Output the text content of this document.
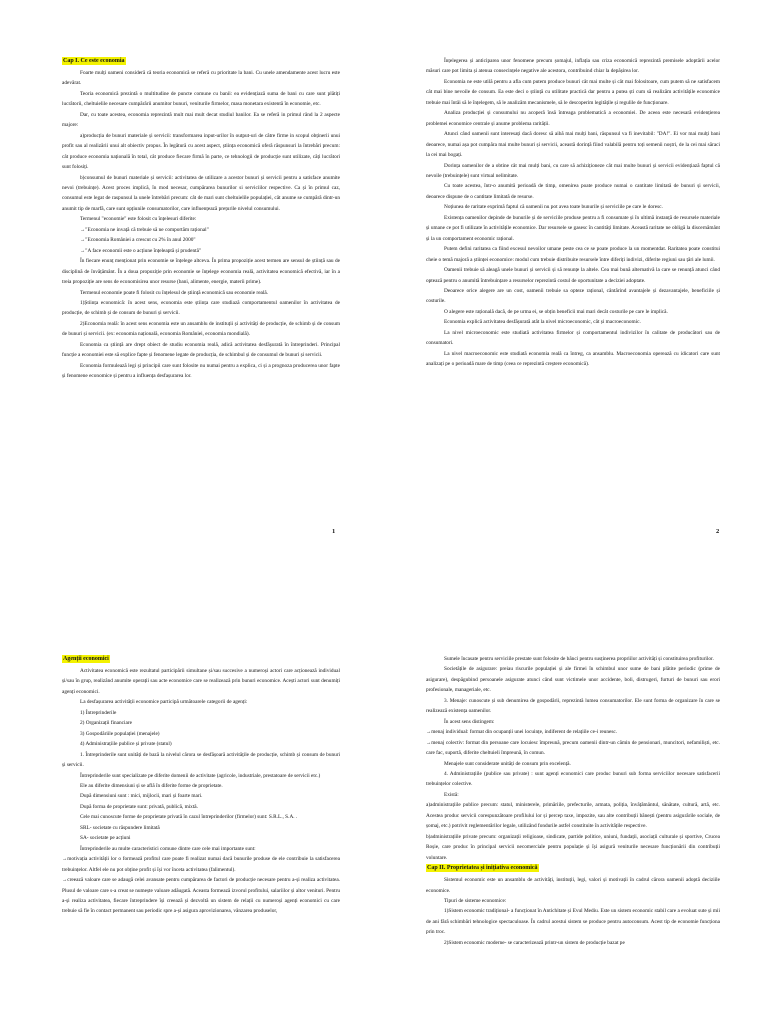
Cap I. Ce este economia

Foarte mulți oameni consideră că teoria economică se referă cu prioritate la bani. Cu unele amendamente acest lucru este adevărat.

Teoria economică prezintă o multitudine de puncte comune cu banii: ea evidențiază suma de bani cu care sunt plătiți lucrătorii, cheltuielile necesare cumpărării anumitor bunuri, veniturile firmelor, masa monetara existentă în economie, etc.

Dar, cu toate acestea, economia reprezintă mult mai mult decat studiul banilor. Ea se referă in primul rând la 2 aspecte majore:

a)producția de bunuri materiale și servicii: transformarea input-urilor în output-uri de către firme in scopul obținerii unui profit sau al realizării unui alt obiectiv propus. În legătură cu acest aspect, știința economică oferă răspunsuri la întrebări precum: cât produce economia națională în total, cât produce fiecare firmă în parte, ce tehnologii de producție sunt utilizate, căți lucrători sunt folosiți.

b)consumul de bunuri materiale și servicii: activitatea de utilizare a acestor bunuri și servicii pentru a satisface anumite nevoi (trebuințe). Acest proces implică, în mod necesar, cumpărarea bunurilor si serviciilor respective. Ca și în primul caz, consumul este legat de raspunsul la unele întrebări precum: cât de mari sunt cheltuielile populației, cât anume se cumpără dintr-un anumit tip de marfă, care sunt opțiunile consumatorilor, care influențează prețurile nivelul consumului.

Termenul "economie" este folosit cu înțelesuri diferite:

→"Economia ne invață că trebuie să ne comportăm rațional"

→"Economia României a crescut cu 2% în anul 2000"

→"A face economii este o acțiune înțeleaptă și prudentă"

În fiecare enunț menționat prin economie se înțelege altceva. În prima propoziție acest termen are sensul de știință sau de disciplină de învățământ. În a doua propoziție prin economie se înțelege economia reală, activitatea economică efectivă, iar în a treia propoziție are sens de economisirea unor resurse (bani, alimente, energie, materii prime).

Termenul economie poate fi folosit cu înțelesul de știință economică sau economie reală.

1)Știința economică: în acest sens, economia este știința care studiază comportamentul oamenilor în activitatea de producție, de schimb și de consum de bunuri și servicii.

2)Economia reală: în acest sens economia este un ansamblu de instituții și activități de producție, de schimb și de consum de bunuri și servicii. (ex: economia națională, economia României, economia mondială).

Economia ca știință are drept obiect de studiu economia reală, adică activitatea desfășurată în întreprinderi. Principal funcție a economiei este să explice fapte și fenomene legate de producția, de schimbul și de consumul de bunuri și servicii.

Economia formulează legi și principii care sunt folosite nu numai pentru a explica, ci și a prognoza producerea unor fapte și fenomene economice și pentru a influența desfașurarea lor.

1

Înțelegerea și anticiparea unor fenomene precum șomajul, inflația sau criza economică reprezintă premisele adoptării acelor măsuri care pot limita și atenua consecințele negative ale acestora, contribuind chiar la depășirea lor.

Economia ne este utilă pentru a afla cum putem produce bunuri cât mai multe și cât mai folositoare, cum putem să ne satisfacem cât mai bine nevoile de consum. Ea este deci o știință cu utilitate practică dar pentru a putea ști cum să realizăm activitățile economice trebuie mai întâi să le înțelegem, să le analizăm mecanismele, să le descoperim legitățile și regulile de funcționare.

Analiza producției și consumului nu acoperă însă întreaga problematică a economiei. De aceea este necesară evidențierea problemei economice centrale și anume problema rarității.

Atunci când oamenii sunt interesați dacă doresc să aibă mai mulți bani, răspunsul va fi inevitabil: "DA!". Ei vor mai mulți bani deoarece, numai așa pot cumpăra mai multe bunuri și servicii, această dorință fiind valabilă pentru toți semenii noștri, de la cei mai săraci la cei mai bogați.

Dorința oamenilor de a obtine cât mai mulți bani, cu care să achiziționeze cât mai multe bunuri și servicii evidențiază faptul că nevoile (trebuințele) sunt virtual nelimitate.

Cu toate acestea, într-o anumită perioadă de timp, omenirea poate produce numai o cantitate limitată de bunuri și servicii, deoarece dispune de o cantitate limitată de resurse.

Noțiunea de raritate exprimă faptul că oamenii nu pot avea toate bunurile și serviciile pe care le doresc.

Existența oamenilor depinde de bunurile și de serviciile produse pentru a fi consumate și în ultimă instanță de resursele materiale și umane ce pot fi utilizate în activitățile economice. Dar resursele se gasesc în cantități limitate. Această raritate ne obligă la discernământ și la un comportament economic rațional.

Putem defini raritatea ca fiind excesul nevoilor umane peste cea ce se poate produce la un momentdat. Raritatea poate constitui cheie o temă majoră a științei economice: modul cum trebuie distribuite resursele între diferiți indivizi, diferite regiuni sau țări ale lumii.

Oamenii trebuie să aleagă unele bunuri și servicii și să renunțe la altele. Cea mai bună alternativă la care se renunță atunci când optează pentru o anumită întrebuințare a resurselor reprezintă costul de oportunitate a deciziei adoptate.

Deoarece orice alegere are un cost, oamenii trebuie sa opteze rațional, cântărind avantajele și dezavantajele, beneficiile și costurile.

O alegere este rațională dacă, de pe urma ei, se obțin beneficii mai mari decât costurile pe care le implică.

Economia explică activitatea desfășurată atât la nivel microeconomic, cât și macroeconomic.

La nivel microeconomic este studiată activitatea firmelor și comportamentul indivizilor în calitate de producători sau de consumatori.

La nivel macroeconomic este studiată economia reală ca întreg, ca ansamblu. Macroeconomia operează cu idicatori care sunt analizați pe o perioadă mare de timp (ceea ce reprezintă creștere economică).

2
Agenții economici

Activitatea economică este rezultatul participării simultane și/sau succesive a numeroși actori care acționează individual și/sau în grup, realizând anumite operații sau acte economice care se realizează prin bunuri economice. Acești actori sunt denumiți agenți economici.

La desfașurarea activității economice participă următoarele categorii de agenți:

1) Întreprinderile

2) Organizații financiare

3) Gospodăriile populației (menajele)

4) Administrațiile publice și private (statul)

1. Întreprinderile sunt unități de bază la nivelul cărora se desfășoară activitățile de producție, schimb și consum de bunuri și servicii.

Întreprinderile sunt specializate pe diferite domenii de activitate (agricole, industriale, prestatoare de servicii etc.)

Ele au diferite dimensiuni și se află în diferite forme de proprietate.

După dimensiuni sunt : mici, mijlocii, mari și foarte mari.

După forma de proprietate sunt: privată, publică, mixtă.

Cele mai cunoscute forme de proprietate privată în cazul întreprinderilor (firmelor) sunt: S.R.L., S.A. .

SRL- societate cu răspundere limitată

SA- societate pe acțiuni

Întreprinderile au multe caracteristici comune dintre care cele mai importante sunt:

→motivația activității lor o formează profitul care poate fi realizat numai dacă bunurile produse de ele contribuie la satisfacerea trebuințelor. Altfel ele nu pot obține profit și își vor înceta activitatea (falimentul).

→creează valoare care se adaugă celei avansate pentru cumpărarea de factori de producție necesare pentru a-și realiza activitatea. Plusul de valoare care s-a creat se numește valoare adăugată. Aceasta formează izvorul profitului, salariilor și altor venituri. Pentru a-și realiza activitatea, fiecare întreprindere își creează și dezvoltă un sistem de relații cu numeroși agenți economici cu care trebuie să fie în contact permanent sau periodic spre a-și asigura aprovizionarea, vânzarea produselor,

Sumele încasate pentru serviciile prestate sunt folosite de bănci pentru susținerea propriilor activități și constituirea profiturilor.

Societățile de asigurare: preiau riscurile populației și ale firmei în schimbul unor sume de bani plătite periodic (prime de asigurare), despăgubind persoanele asigurate atunci când sunt victimele unor accidente, boli, distrugeri, furturi de bunuri sau erori profesionale, manageriale, etc.

3. Menaje: cunoscute și sub denumirea de gospodării, reprezintă lumea consumatorilor. Ele sunt forma de organizare în care se realizează existența oamenilor.

În acest sens distingem:

→menaj individual: format din ocupanții unei locuințe, indiferent de relațiile ce-i reunesc.

→menaj colectiv: format din persoane care locuiesc împreună, precum oamenii dintr-un cămin de pensionari, muncitori, nefamiliști, etc. care fac, suportă, diferite cheltuieli împreună, în comun.

Menajele sunt considerate unități de consum prin excelență.

4. Administrațiile (publice sau private) : sunt agenți economici care produc bunuri sub forma serviciilor necesare satisfacerii trebuințelor colective.

Există:

a)administrațiile publice precum: statul, ministerele, primăriile, prefecturile, armata, poliția, învățământul, sănătate, cultură, artă, etc. Acestea produc servicii corespunzătoare profilului lor și percep taxe, impozite, sau alte contribuții bănești (pentru asigurările sociale, de șomaj, etc.) potrivit reglementărilor legale, utilizând fondurile astfel constituite în activitățile respective.

b)administrațiile private precum: organizații religioase, sindicate, partide politice, uniuni, fundații, asociații culturale și sportive, Crucea Roșie, care produc în principal servicii necomerciale pentru populație și își asigură veniturile necesare funcționării din contribuții voluntare.

Cap II. Proprietatea și inițiativa economică

Sistemul economic este un ansamblu de activități, instituții, legi, valori și motivații în cadrul cărora oamenii adoptă deciziile economice.

Tipuri de sisteme economice:

1)Sistem economic tradițional- a funcționat în Antichitate și Evul Mediu. Este un sistem economic stabil care a evoluat sute și mii de ani fără schimbări tehnologice spectaculoase. În cadrul acestui sistem se produce pentru autoconsum. Acest tip de economie funcționa prin troc.

2)Sistem economic moderne- se caracterizează printr-un sistem de producție bazat pe
